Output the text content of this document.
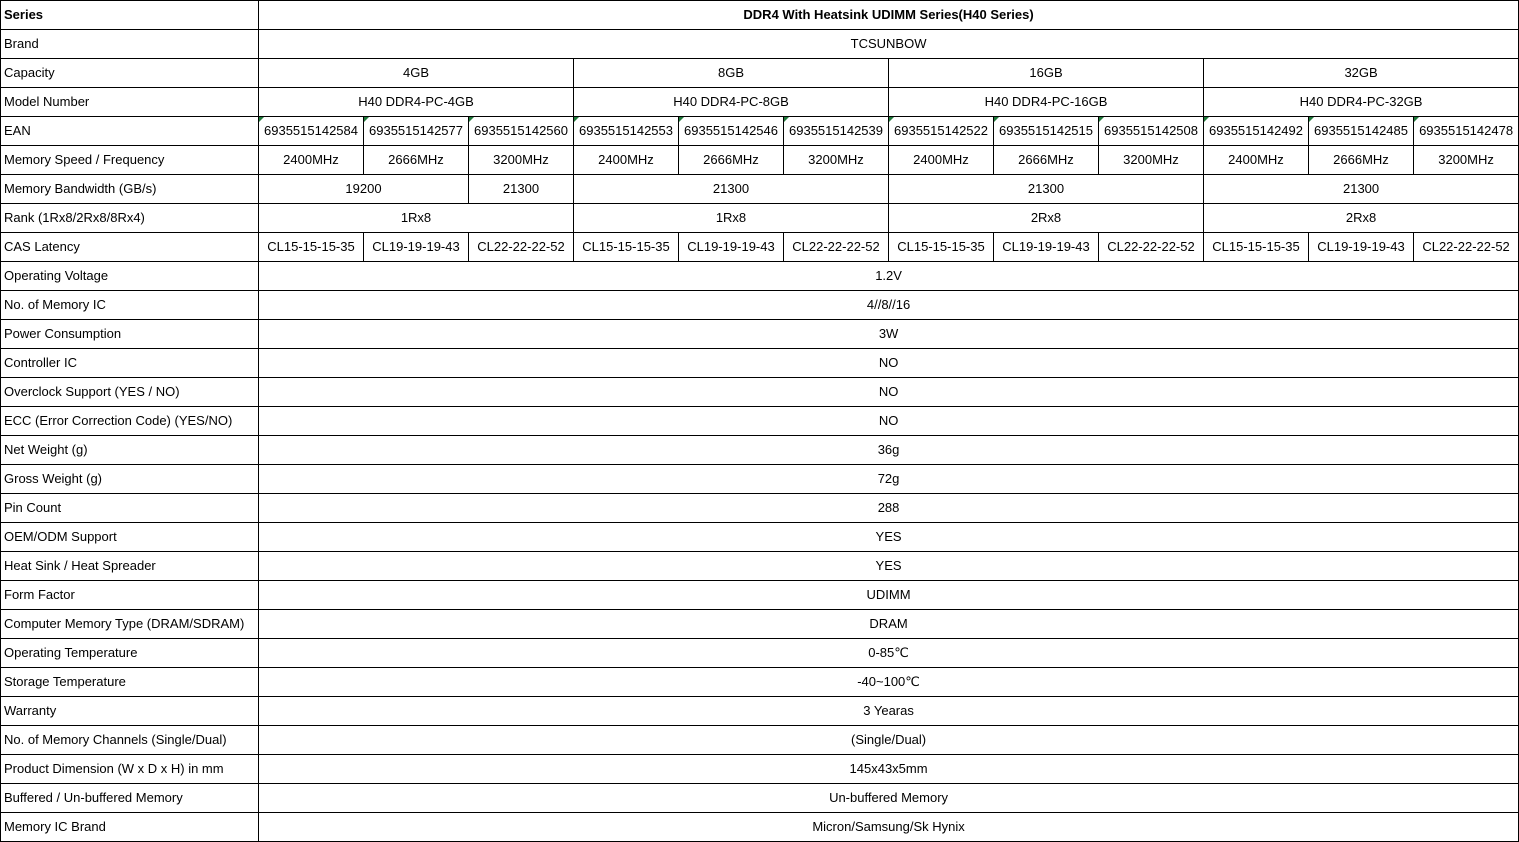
Series	DDR4 With Heatsink UDIMM Series(H40 Series)											
Brand	TCSUNBOW											
Capacity	4GB			8GB			16GB			32GB		
Model Number	H40 DDR4-PC-4GB			H40 DDR4-PC-8GB			H40 DDR4-PC-16GB			H40 DDR4-PC-32GB		
EAN	6935515142584	6935515142577	6935515142560	6935515142553	6935515142546	6935515142539	6935515142522	6935515142515	6935515142508	6935515142492	6935515142485	6935515142478
Memory Speed / Frequency	2400MHz	2666MHz	3200MHz	2400MHz	2666MHz	3200MHz	2400MHz	2666MHz	3200MHz	2400MHz	2666MHz	3200MHz
Memory Bandwidth (GB/s)	19200		21300	21300			21300			21300		
Rank (1Rx8/2Rx8/8Rx4)	1Rx8			1Rx8			2Rx8			2Rx8		
CAS Latency	CL15-15-15-35	CL19-19-19-43	CL22-22-22-52	CL15-15-15-35	CL19-19-19-43	CL22-22-22-52	CL15-15-15-35	CL19-19-19-43	CL22-22-22-52	CL15-15-15-35	CL19-19-19-43	CL22-22-22-52
Operating Voltage	1.2V											
No. of Memory IC	4//8//16											
Power Consumption	3W											
Controller IC	NO											
Overclock Support (YES / NO)	NO											
ECC (Error Correction Code) (YES/NO)	NO											
Net Weight (g)	36g											
Gross Weight (g)	72g											
Pin Count	288											
OEM/ODM Support	YES											
Heat Sink / Heat Spreader	YES											
Form Factor	UDIMM											
Computer Memory Type (DRAM/SDRAM)	DRAM											
Operating Temperature	0-85℃											
Storage Temperature	-40~100℃											
Warranty	3 Yearas											
No. of Memory Channels (Single/Dual)	(Single/Dual)											
Product Dimension (W x D x H) in mm	145x43x5mm											
Buffered / Un-buffered Memory	Un-buffered Memory											
Memory IC Brand	Micron/Samsung/Sk Hynix											
